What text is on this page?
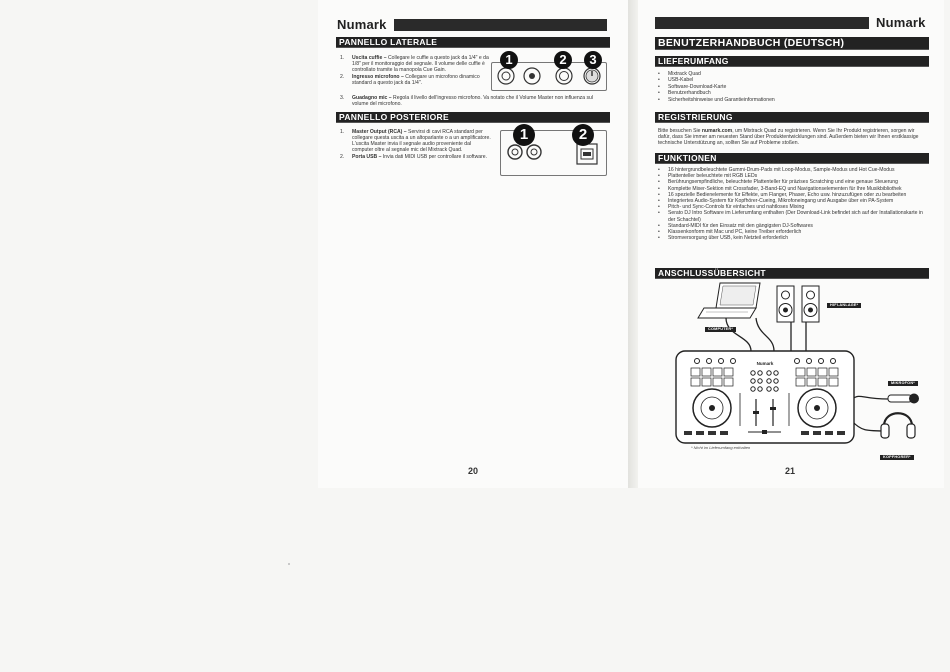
Numark
PANNELLO LATERALE
1.	Uscita cuffie – Collegare le cuffie a questo jack da 1/4" e da 1/8" per il monitoraggio del segnale. Il volume delle cuffie è controllato tramite la manopola Cue Gain.
2.	Ingresso microfono – Collegare un microfono dinamico standard a questo jack da 1/4".
3.	Guadagno mic – Regola il livello dell'ingresso microfono. Va notato che il Volume Master non influenza sul volume del microfono.
1	2	3
PANNELLO POSTERIORE
1.	Master Output (RCA) – Servirsi di cavi RCA standard per collegare questa uscita a un altoparlante o a un amplificatore. L'uscita Master invia il segnale audio proveniente dal computer oltre al segnale mic del Mixtrack Quad.
2.	Porta USB – Invia dati MIDI USB per controllare il software.
1	2
20
Numark
BENUTZERHANDBUCH (DEUTSCH)
LIEFERUMFANG
•	Mixtrack Quad
•	USB-Kabel
•	Software-Download-Karte
•	Benutzerhandbuch
•	Sicherheitshinweise und Garantieinformationen
REGISTRIERUNG
Bitte besuchen Sie numark.com, um Mixtrack Quad zu registrieren. Wenn Sie Ihr Produkt registrieren, sorgen wir dafür, dass Sie immer am neuesten Stand über Produktentwicklungen sind. Außerdem bieten wir Ihnen erstklassige technische Unterstützung an, sollten Sie auf Probleme stoßen.
FUNKTIONEN
•	16 hintergrundbeleuchtete Gummi-Drum-Pads mit Loop-Modus, Sample-Modus und Hot Cue-Modus
•	Plattenteller beleuchtete mit RGB LEDs
•	Berührungsempfindliche, beleuchtete Plattenteller für präzises Scratching und eine genaue Steuerung
•	Komplette Mixer-Sektion mit Crossfader, 3-Band-EQ und Navigationselementen für Ihre Musikbibliothek
•	16 spezielle Bedienelemente für Effekte, um Flanger, Phaser, Echo usw. hinzuzufügen oder zu bearbeiten
•	Integriertes Audio-System für Kopfhörer-Cueing, Mikrofoneingang und Ausgabe über ein PA-System
•	Pitch- und Sync-Controls für einfaches und nahtloses Mixing
•	Serato DJ Intro Software im Lieferumfang enthalten (Der Download-Link befindet sich auf der Installationskarte in der Schachtel)
•	Standard-MIDI für den Einsatz mit den gängigsten DJ-Softwares
•	Klassenkonform mit Mac und PC, keine Treiber erforderlich
•	Stromversorgung über USB, kein Netzteil erforderlich
ANSCHLUSSÜBERSICHT
Numark
COMPUTER*
HIFI-ANLAGE*
MIKROFON*
KOPFHÖRER*
* Nicht im Lieferumfang enthalten
21
